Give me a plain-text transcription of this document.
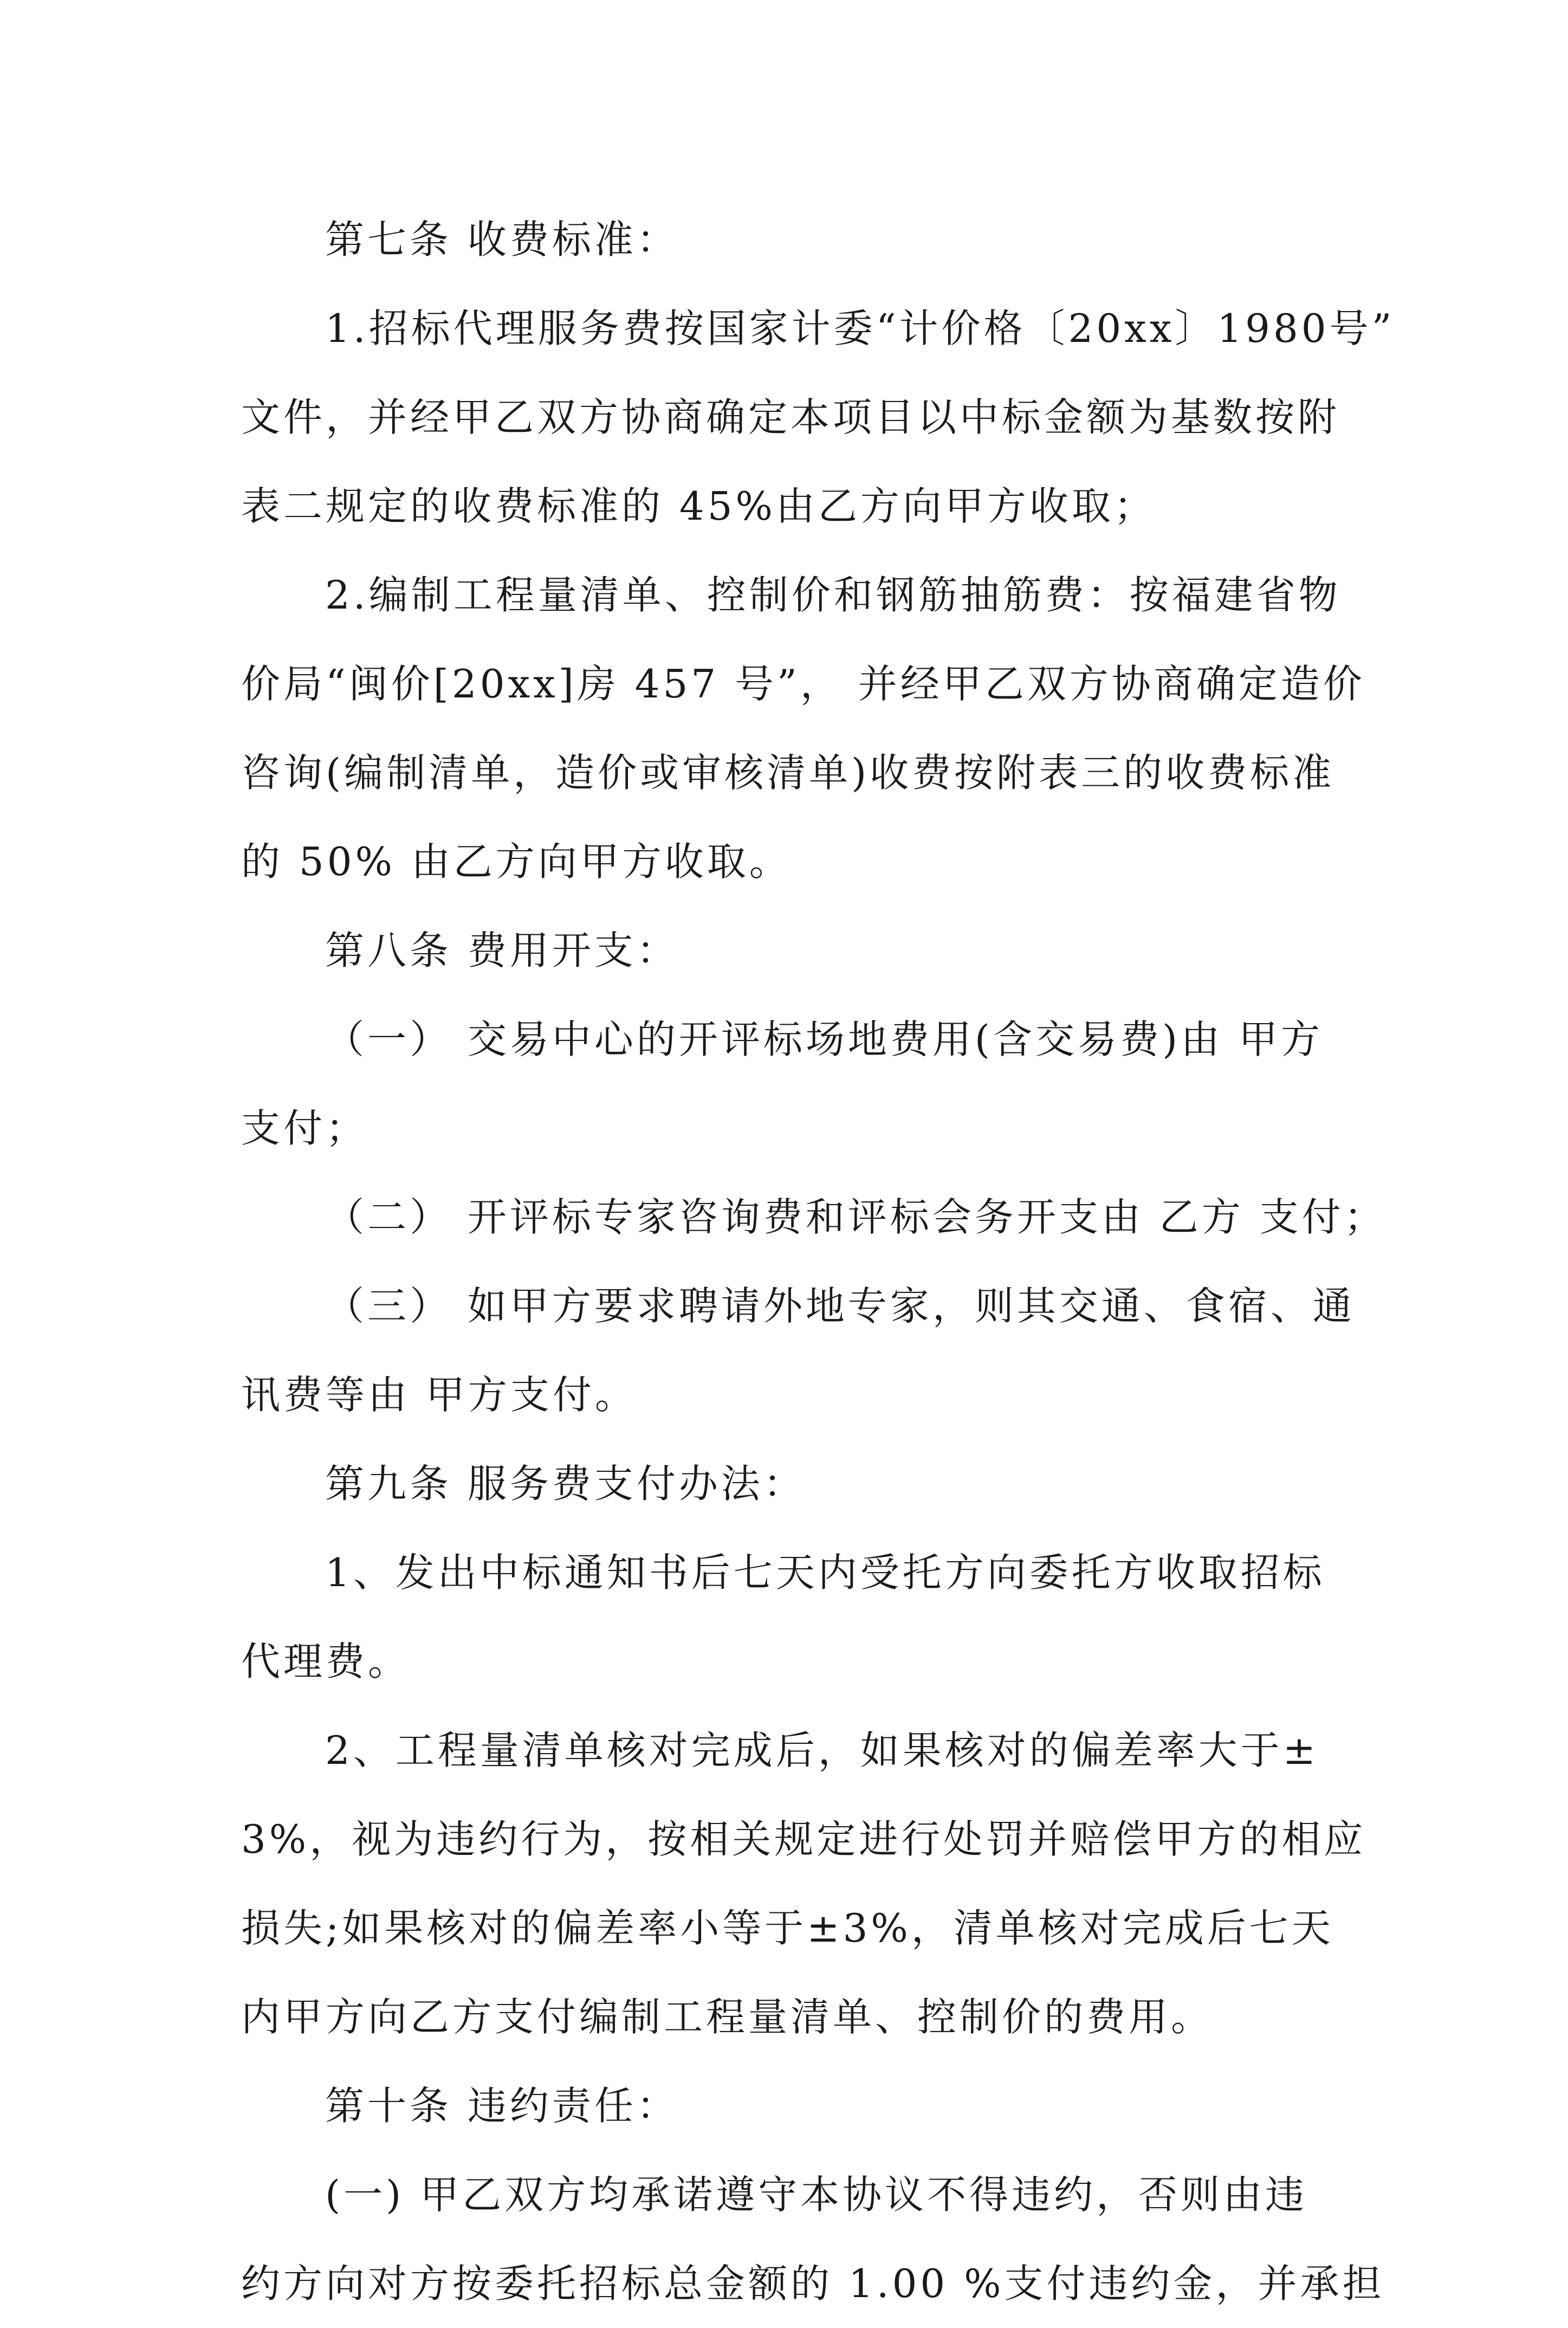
第七条 收费标准：
1.招标代理服务费按国家计委“计价格〔20xx〕1980号”
文件，并经甲乙双方协商确定本项目以中标金额为基数按附
表二规定的收费标准的 45%由乙方向甲方收取；
2.编制工程量清单、控制价和钢筋抽筋费：按福建省物
价局“闽价[20xx]房 457 号”， 并经甲乙双方协商确定造价
咨询(编制清单，造价或审核清单)收费按附表三的收费标准
的 50% 由乙方向甲方收取。
第八条 费用开支：
（一） 交易中心的开评标场地费用(含交易费)由 甲方
支付；
（二） 开评标专家咨询费和评标会务开支由 乙方 支付；
（三） 如甲方要求聘请外地专家，则其交通、食宿、通
讯费等由 甲方支付。
第九条 服务费支付办法：
1、发出中标通知书后七天内受托方向委托方收取招标
代理费。
2、工程量清单核对完成后，如果核对的偏差率大于±
3%，视为违约行为，按相关规定进行处罚并赔偿甲方的相应
损失;如果核对的偏差率小等于±3%，清单核对完成后七天
内甲方向乙方支付编制工程量清单、控制价的费用。
第十条 违约责任：
(一) 甲乙双方均承诺遵守本协议不得违约，否则由违
约方向对方按委托招标总金额的 1.00 %支付违约金，并承担
